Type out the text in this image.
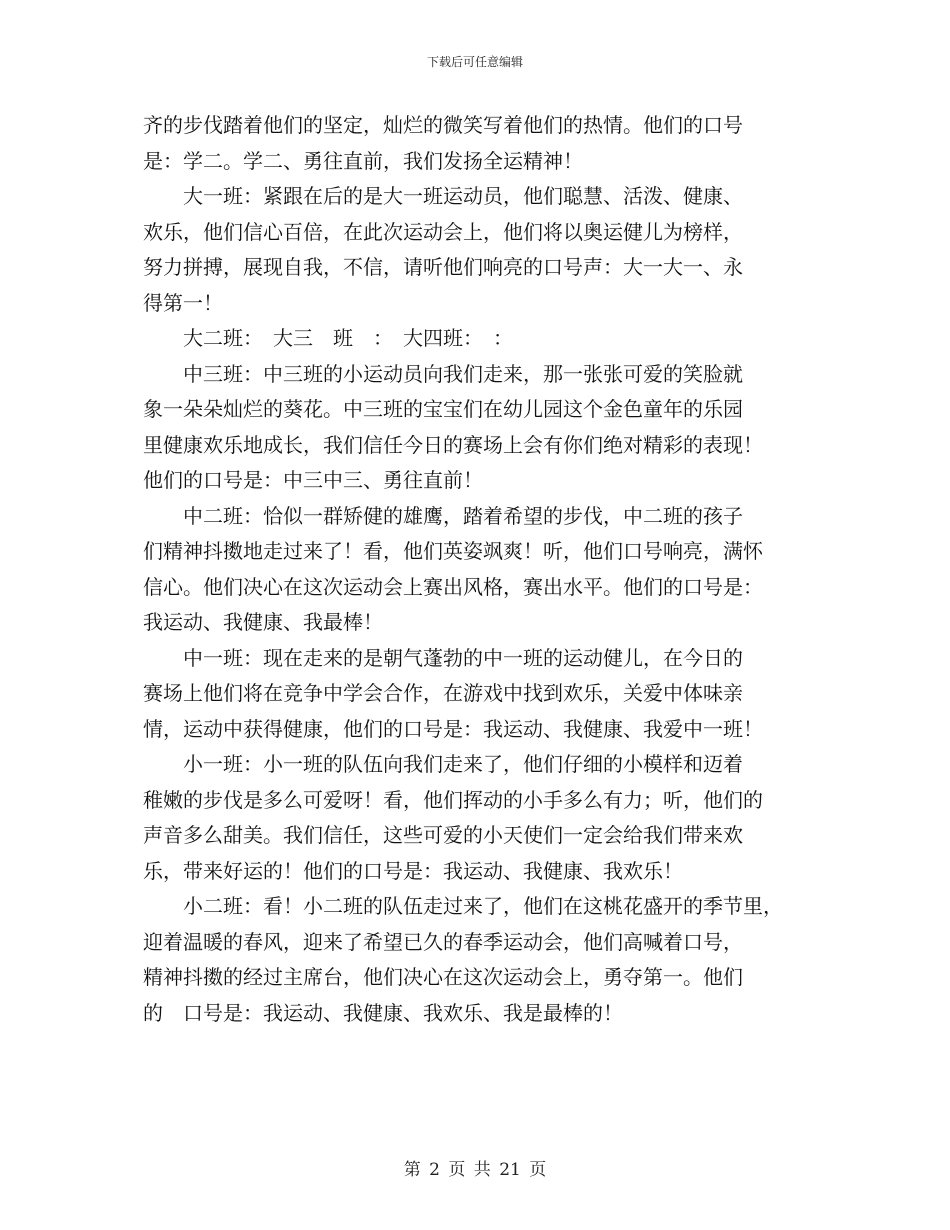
下载后可任意编辑
齐的步伐踏着他们的坚定，灿烂的微笑写着他们的热情。他们的口号
是：学二。学二、勇往直前，我们发扬全运精神！
　　大一班：紧跟在后的是大一班运动员，他们聪慧、活泼、健康、
欢乐，他们信心百倍，在此次运动会上，他们将以奥运健儿为榜样，
努力拼搏，展现自我，不信，请听他们响亮的口号声：大一大一、永
得第一！
　　大二班：　大三　班　：　大四班：　：
　　中三班：中三班的小运动员向我们走来，那一张张可爱的笑脸就
象一朵朵灿烂的葵花。中三班的宝宝们在幼儿园这个金色童年的乐园
里健康欢乐地成长，我们信任今日的赛场上会有你们绝对精彩的表现！
他们的口号是：中三中三、勇往直前！
　　中二班：恰似一群矫健的雄鹰，踏着希望的步伐，中二班的孩子
们精神抖擞地走过来了！看，他们英姿飒爽！听，他们口号响亮，满怀
信心。他们决心在这次运动会上赛出风格，赛出水平。他们的口号是：
我运动、我健康、我最棒！
　　中一班：现在走来的是朝气蓬勃的中一班的运动健儿，在今日的
赛场上他们将在竞争中学会合作，在游戏中找到欢乐，关爱中体味亲
情，运动中获得健康，他们的口号是：我运动、我健康、我爱中一班！
　　小一班：小一班的队伍向我们走来了，他们仔细的小模样和迈着
稚嫩的步伐是多么可爱呀！看，他们挥动的小手多么有力；听，他们的
声音多么甜美。我们信任，这些可爱的小天使们一定会给我们带来欢
乐，带来好运的！他们的口号是：我运动、我健康、我欢乐！
　　小二班：看！小二班的队伍走过来了，他们在这桃花盛开的季节里，
迎着温暖的春风，迎来了希望已久的春季运动会，他们高喊着口号，
精神抖擞的经过主席台，他们决心在这次运动会上，勇夺第一。他们
的　口号是：我运动、我健康、我欢乐、我是最棒的！
第 2 页 共 21 页
